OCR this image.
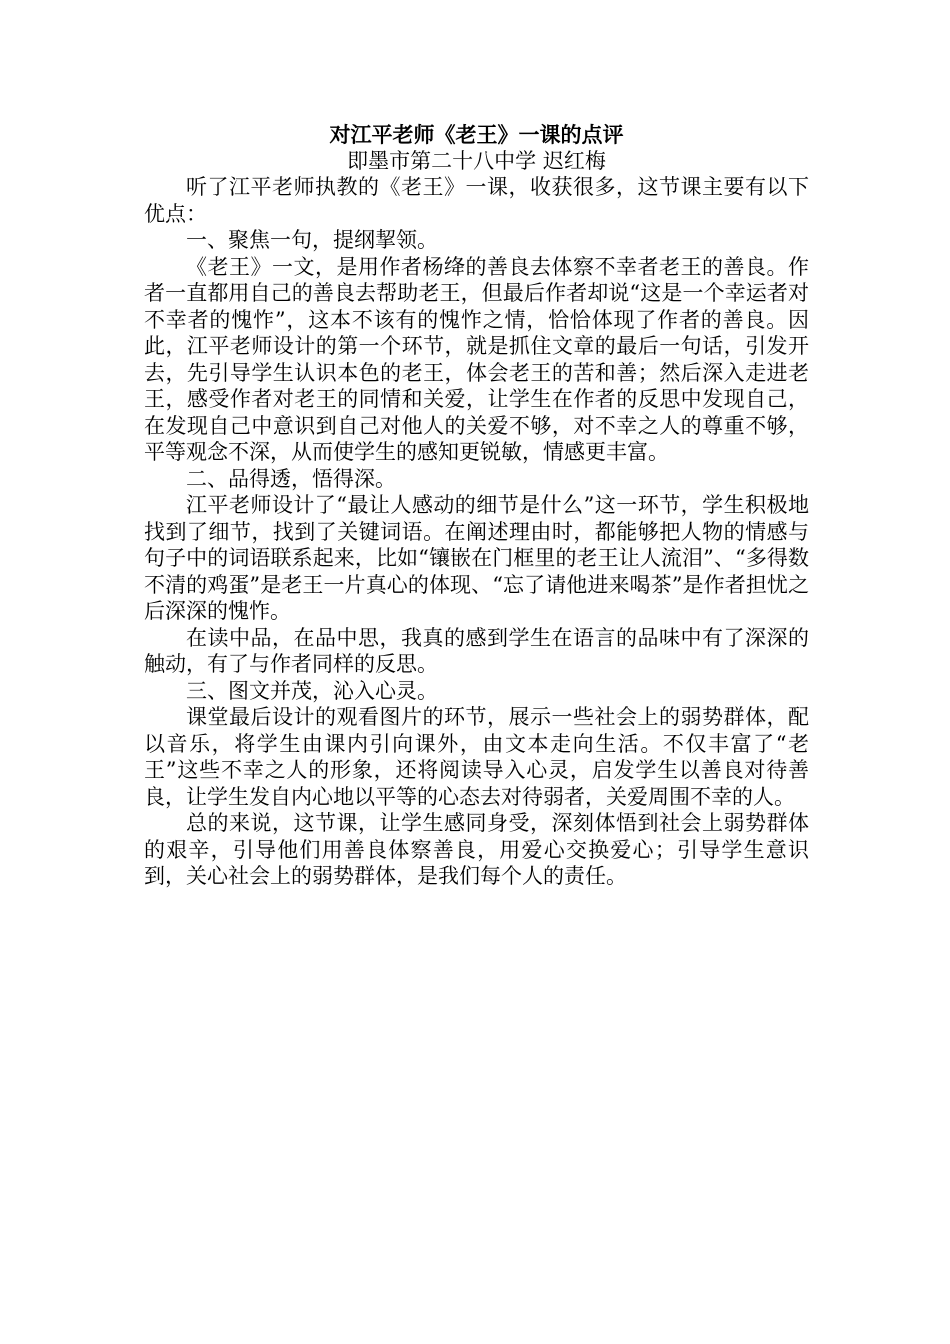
对江平老师《老王》一课的点评

即墨市第二十八中学 迟红梅

听了江平老师执教的《老王》一课，收获很多，这节课主要有以下优点：

一、聚焦一句，提纲挈领。

《老王》一文，是用作者杨绛的善良去体察不幸者老王的善良。作者一直都用自己的善良去帮助老王，但最后作者却说“这是一个幸运者对不幸者的愧怍”，这本不该有的愧怍之情，恰恰体现了作者的善良。因此，江平老师设计的第一个环节，就是抓住文章的最后一句话，引发开去，先引导学生认识本色的老王，体会老王的苦和善；然后深入走进老王，感受作者对老王的同情和关爱，让学生在作者的反思中发现自己，在发现自己中意识到自己对他人的关爱不够，对不幸之人的尊重不够，平等观念不深，从而使学生的感知更锐敏，情感更丰富。

二、品得透，悟得深。

江平老师设计了“最让人感动的细节是什么”这一环节，学生积极地找到了细节，找到了关键词语。在阐述理由时，都能够把人物的情感与句子中的词语联系起来，比如“镶嵌在门框里的老王让人流泪”、“多得数不清的鸡蛋”是老王一片真心的体现、“忘了请他进来喝茶”是作者担忧之后深深的愧怍。

在读中品，在品中思，我真的感到学生在语言的品味中有了深深的触动，有了与作者同样的反思。

三、图文并茂，沁入心灵。

课堂最后设计的观看图片的环节，展示一些社会上的弱势群体，配以音乐，将学生由课内引向课外，由文本走向生活。不仅丰富了“老王”这些不幸之人的形象，还将阅读导入心灵，启发学生以善良对待善良，让学生发自内心地以平等的心态去对待弱者，关爱周围不幸的人。

总的来说，这节课，让学生感同身受，深刻体悟到社会上弱势群体的艰辛，引导他们用善良体察善良，用爱心交换爱心；引导学生意识到，关心社会上的弱势群体，是我们每个人的责任。
